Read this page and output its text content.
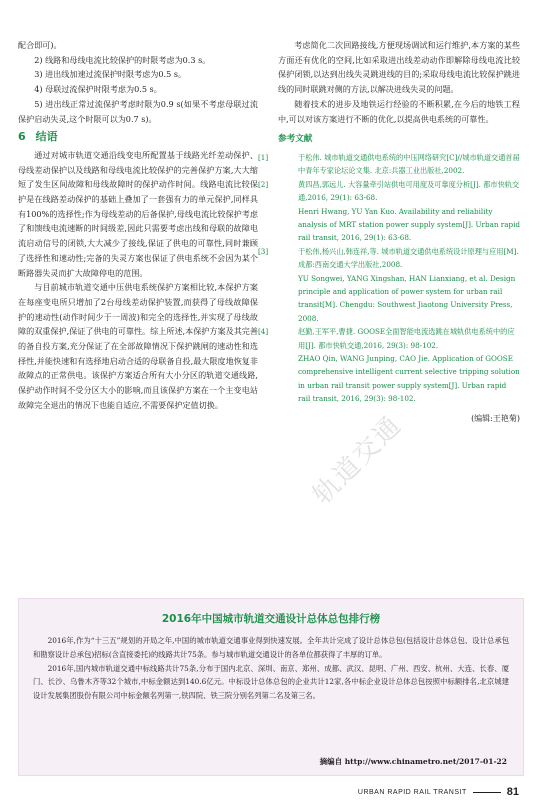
配合即可)。

2) 线路和母线电流比较保护的时限考虑为0.3 s。

3) 进出线加速过流保护时限考虑为0.5 s。

4) 母联过流保护时限考虑为0.5 s。

5) 进出线正常过流保护考虑时限为0.9 s(如果不考虑母联过流保护启动失灵,这个时限可以为0.7 s)。

6 结语

通过对城市轨道交通沿线变电所配置基于线路光纤差动保护、母线差动保护以及线路和母线电流比较保护的完善保护方案,大大缩短了发生区间故障和母线故障时的保护动作时间。线路电流比较保护是在线路差动保护的基础上叠加了一套强有力的单元保护,同样具有100%的选择性;作为母线差动的后备保护,母线电流比较保护考虑了和馈线电流速断的时间级差,因此只需要考虑出线和母联的故障电流启动信号的闭锁,大大减少了接线,保证了供电的可靠性,同时兼顾了选择性和速动性;完备的失灵方案也保证了供电系统不会因为某个断路器失灵而扩大故障停电的范围。

与目前城市轨道交通中压供电系统保护方案相比较,本保护方案在每座变电所只增加了2台母线差动保护装置,而获得了母线故障保护的速动性(动作时间少于一周波)和完全的选择性,并实现了母线故障的双重保护,保证了供电的可靠性。综上所述,本保护方案及其完善的备自投方案,充分保证了在全部故障情况下保护跳闸的速动性和选择性,并能快速和有选择地启动合适的母联备自投,最大限度地恢复非故障点的正常供电。该保护方案适合所有大小分区的轨道交通线路,保护动作时间不受分区大小的影响,而且该保护方案在一个主变电站故障完全退出的情况下也能自适应,不需要保护定值切换。

考虑简化二次回路接线,方便现场调试和运行维护,本方案的某些方面还有优化的空间,比如采取进出线差动动作即解除母线电流比较保护闭锁,以达到出线失灵跳进线的目的;采取母线电流比较保护跳进线的同时联跳对侧的方法,以解决进线失灵的问题。

随着技术的进步及地铁运行经验的不断积累,在今后的地铁工程中,可以对该方案进行不断的优化,以提高供电系统的可靠性。

参考文献
[1]	于松伟. 城市轨道交通供电系统的中压网络研究[C]//城市轨道交通首届中青年专家论坛论文集. 北京:兵器工业出版社,2002.
[2]	黄四昌,郭远儿. 大容量牵引站供电可用度及可靠度分析[J]. 都市快轨交通,2016, 29(1): 63-68.
Henri Hwang, YU Yan Kuo. Availability and reliability analysis of MRT station power supply system[J]. Urban rapid rail transit, 2016, 29(1): 63-68.
[3]	于松伟,杨兴山,韩连祥,等. 城市轨道交通供电系统设计原理与应用[M]. 成都:西南交通大学出版社,2008.
YU Songwei, YANG Xingshan, HAN Lianxiang, et al. Design principle and application of power system for urban rail transit[M]. Chengdu: Southwest Jiaotong University Press, 2008.
[4]	赵勤,王军平,曹捷. GOOSE全面智能电流选跳在城轨供电系统中的应用[J]. 都市快轨交通,2016, 29(3): 98-102.
ZHAO Qin, WANG Junping, CAO Jie. Application of GOOSE comprehensive intelligent current selective tripping solution in urban rail transit power supply system[J]. Urban rapid rail transit, 2016, 29(3): 98-102.
(编辑:王艳菊)
轨道交通
2016年中国城市轨道交通设计总体总包排行榜

2016年,作为“十三五”规划的开局之年,中国的城市轨道交通事业得到快速发展。全年共计完成了设计总体总包(包括设计总体总包、设计总承包和勘察设计总承包)招标(含直接委托)的线路共计75条。参与城市轨道交通设计的各单位都获得了丰厚的订单。

2016年,国内城市轨道交通中标线路共计75条,分布于国内北京、深圳、南京、郑州、成都、武汉、昆明、广州、西安、杭州、大连、长春、厦门、长沙、乌鲁木齐等32个城市,中标金额达到140.6亿元。中标设计总体总包的企业共计12家,各中标企业设计总体总包按照中标额排名,北京城建设计发展集团股份有限公司中标金额名列第一,铁四院、铁三院分别名列第二名及第三名。

摘编自 http://www.chinametro.net/2017-01-22
URBAN RAPID RAIL TRANSIT	81
